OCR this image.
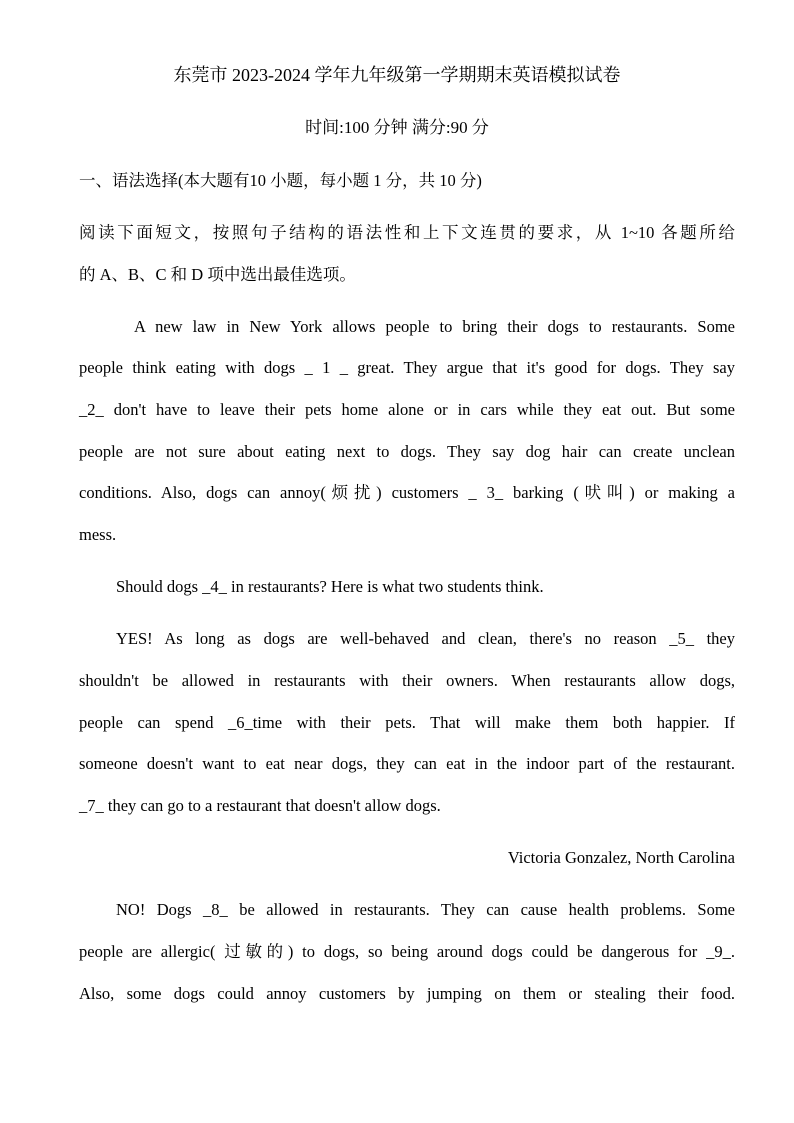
东莞市 2023-2024 学年九年级第一学期期末英语模拟试卷
时间:100 分钟 满分:90 分
一、语法选择(本大题有10 小题，每小题 1 分，共 10 分)
阅读下面短文，按照句子结构的语法性和上下文连贯的要求，从 1~10 各题所给
的 A、B、C 和 D 项中选出最佳选项。
A new law in New York allows people to bring their dogs to restaurants. Some
people think eating with dogs _ 1 _ great. They argue that it's good for dogs. They say
_2_ don't have to leave their pets home alone or in cars while they eat out. But some
people are not sure about eating next to dogs. They say dog hair can create unclean
conditions. Also, dogs can annoy(烦扰) customers _ 3_ barking (吠叫) or making a
mess.
Should dogs _4_ in restaurants? Here is what two students think.
YES! As long as dogs are well-behaved and clean, there's no reason _5_ they
shouldn't be allowed in restaurants with their owners. When restaurants allow dogs,
people can spend _6_time with their pets. That will make them both happier. If
someone doesn't want to eat near dogs, they can eat in the indoor part of the restaurant.
_7_ they can go to a restaurant that doesn't allow dogs.
Victoria Gonzalez, North Carolina
NO! Dogs _8_ be allowed in restaurants. They can cause health problems. Some
people are allergic( 过敏的) to dogs, so being around dogs could be dangerous for _9_.
Also, some dogs could annoy customers by jumping on them or stealing their food.
